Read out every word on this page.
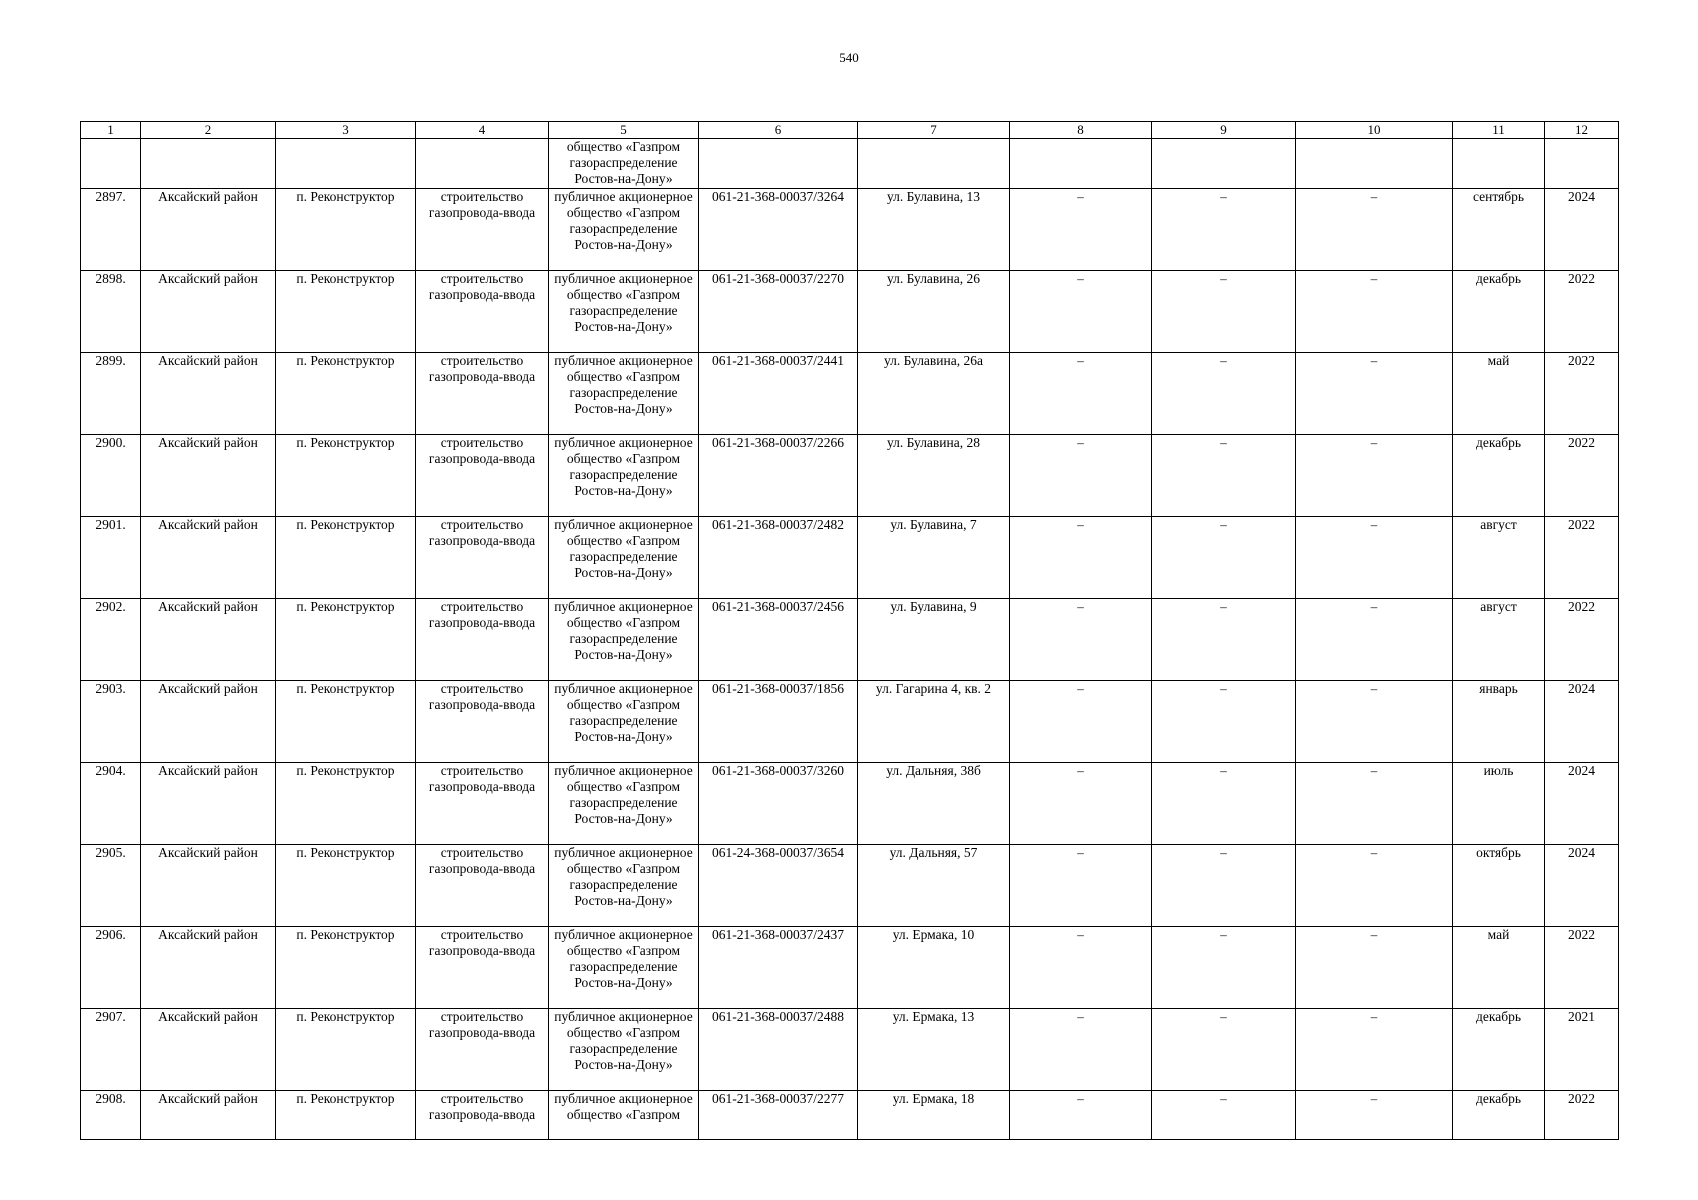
540
1	2	3	4	5	6	7	8	9	10	11	12
				общество «Газпром газораспределение Ростов-на-Дону»							
2897.	Аксайский район	п. Реконструктор	строительство газопровода-ввода	публичное акционерное общество «Газпром газораспределение Ростов-на-Дону»	061-21-368-00037/3264	ул. Булавина, 13	–	–	–	сентябрь	2024
2898.	Аксайский район	п. Реконструктор	строительство газопровода-ввода	публичное акционерное общество «Газпром газораспределение Ростов-на-Дону»	061-21-368-00037/2270	ул. Булавина, 26	–	–	–	декабрь	2022
2899.	Аксайский район	п. Реконструктор	строительство газопровода-ввода	публичное акционерное общество «Газпром газораспределение Ростов-на-Дону»	061-21-368-00037/2441	ул. Булавина, 26а	–	–	–	май	2022
2900.	Аксайский район	п. Реконструктор	строительство газопровода-ввода	публичное акционерное общество «Газпром газораспределение Ростов-на-Дону»	061-21-368-00037/2266	ул. Булавина, 28	–	–	–	декабрь	2022
2901.	Аксайский район	п. Реконструктор	строительство газопровода-ввода	публичное акционерное общество «Газпром газораспределение Ростов-на-Дону»	061-21-368-00037/2482	ул. Булавина, 7	–	–	–	август	2022
2902.	Аксайский район	п. Реконструктор	строительство газопровода-ввода	публичное акционерное общество «Газпром газораспределение Ростов-на-Дону»	061-21-368-00037/2456	ул. Булавина, 9	–	–	–	август	2022
2903.	Аксайский район	п. Реконструктор	строительство газопровода-ввода	публичное акционерное общество «Газпром газораспределение Ростов-на-Дону»	061-21-368-00037/1856	ул. Гагарина 4, кв. 2	–	–	–	январь	2024
2904.	Аксайский район	п. Реконструктор	строительство газопровода-ввода	публичное акционерное общество «Газпром газораспределение Ростов-на-Дону»	061-21-368-00037/3260	ул. Дальняя, 38б	–	–	–	июль	2024
2905.	Аксайский район	п. Реконструктор	строительство газопровода-ввода	публичное акционерное общество «Газпром газораспределение Ростов-на-Дону»	061-24-368-00037/3654	ул. Дальняя, 57	–	–	–	октябрь	2024
2906.	Аксайский район	п. Реконструктор	строительство газопровода-ввода	публичное акционерное общество «Газпром газораспределение Ростов-на-Дону»	061-21-368-00037/2437	ул. Ермака, 10	–	–	–	май	2022
2907.	Аксайский район	п. Реконструктор	строительство газопровода-ввода	публичное акционерное общество «Газпром газораспределение Ростов-на-Дону»	061-21-368-00037/2488	ул. Ермака, 13	–	–	–	декабрь	2021
2908.	Аксайский район	п. Реконструктор	строительство газопровода-ввода	публичное акционерное общество «Газпром	061-21-368-00037/2277	ул. Ермака, 18	–	–	–	декабрь	2022
